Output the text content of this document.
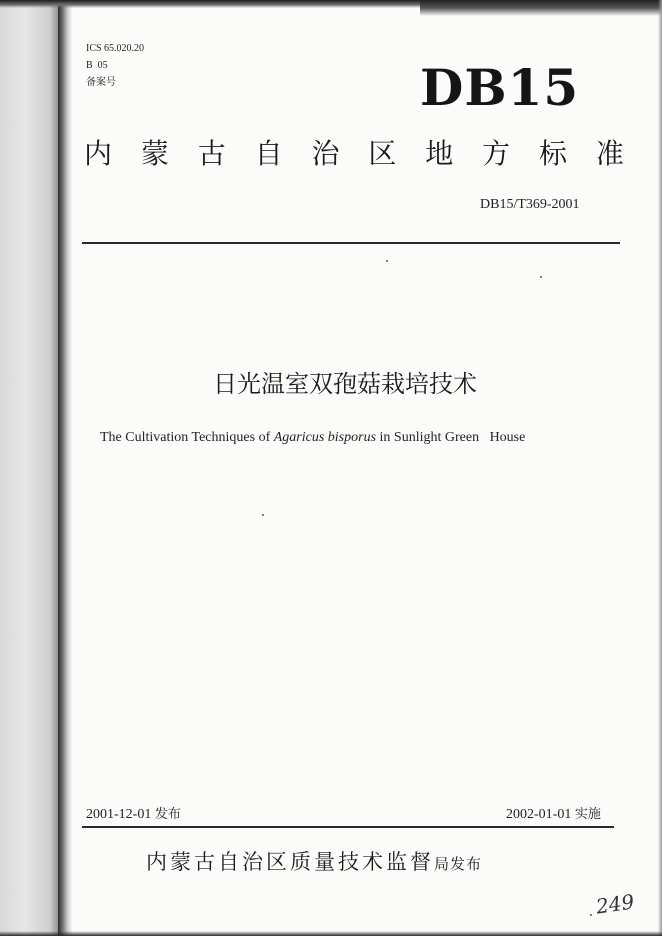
ICS 65.020.20
B  05
备案号	DB15
内 蒙 古 自 治 区 地 方 标 准
DB15/T369-2001
日光温室双孢菇栽培技术
The Cultivation Techniques of Agaricus bisporus in Sunlight Green   House
2001-12-01 发布	2002-01-01 实施
内蒙古自治区质量技术监督局发布
249
